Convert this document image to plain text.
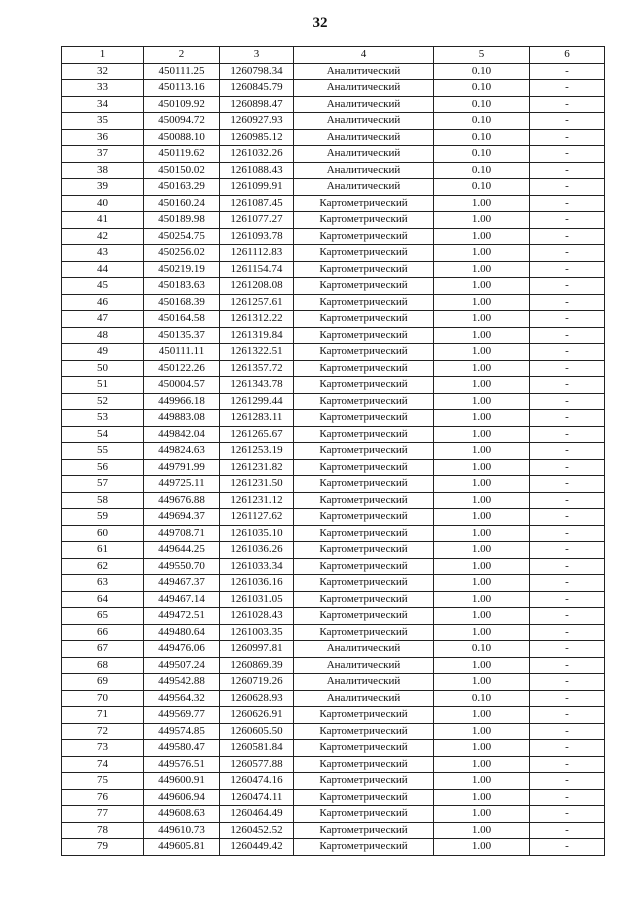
32
1	2	3	4	5	6
32	450111.25	1260798.34	Аналитический	0.10	-
33	450113.16	1260845.79	Аналитический	0.10	-
34	450109.92	1260898.47	Аналитический	0.10	-
35	450094.72	1260927.93	Аналитический	0.10	-
36	450088.10	1260985.12	Аналитический	0.10	-
37	450119.62	1261032.26	Аналитический	0.10	-
38	450150.02	1261088.43	Аналитический	0.10	-
39	450163.29	1261099.91	Аналитический	0.10	-
40	450160.24	1261087.45	Картометрический	1.00	-
41	450189.98	1261077.27	Картометрический	1.00	-
42	450254.75	1261093.78	Картометрический	1.00	-
43	450256.02	1261112.83	Картометрический	1.00	-
44	450219.19	1261154.74	Картометрический	1.00	-
45	450183.63	1261208.08	Картометрический	1.00	-
46	450168.39	1261257.61	Картометрический	1.00	-
47	450164.58	1261312.22	Картометрический	1.00	-
48	450135.37	1261319.84	Картометрический	1.00	-
49	450111.11	1261322.51	Картометрический	1.00	-
50	450122.26	1261357.72	Картометрический	1.00	-
51	450004.57	1261343.78	Картометрический	1.00	-
52	449966.18	1261299.44	Картометрический	1.00	-
53	449883.08	1261283.11	Картометрический	1.00	-
54	449842.04	1261265.67	Картометрический	1.00	-
55	449824.63	1261253.19	Картометрический	1.00	-
56	449791.99	1261231.82	Картометрический	1.00	-
57	449725.11	1261231.50	Картометрический	1.00	-
58	449676.88	1261231.12	Картометрический	1.00	-
59	449694.37	1261127.62	Картометрический	1.00	-
60	449708.71	1261035.10	Картометрический	1.00	-
61	449644.25	1261036.26	Картометрический	1.00	-
62	449550.70	1261033.34	Картометрический	1.00	-
63	449467.37	1261036.16	Картометрический	1.00	-
64	449467.14	1261031.05	Картометрический	1.00	-
65	449472.51	1261028.43	Картометрический	1.00	-
66	449480.64	1261003.35	Картометрический	1.00	-
67	449476.06	1260997.81	Аналитический	0.10	-
68	449507.24	1260869.39	Аналитический	1.00	-
69	449542.88	1260719.26	Аналитический	1.00	-
70	449564.32	1260628.93	Аналитический	0.10	-
71	449569.77	1260626.91	Картометрический	1.00	-
72	449574.85	1260605.50	Картометрический	1.00	-
73	449580.47	1260581.84	Картометрический	1.00	-
74	449576.51	1260577.88	Картометрический	1.00	-
75	449600.91	1260474.16	Картометрический	1.00	-
76	449606.94	1260474.11	Картометрический	1.00	-
77	449608.63	1260464.49	Картометрический	1.00	-
78	449610.73	1260452.52	Картометрический	1.00	-
79	449605.81	1260449.42	Картометрический	1.00	-
